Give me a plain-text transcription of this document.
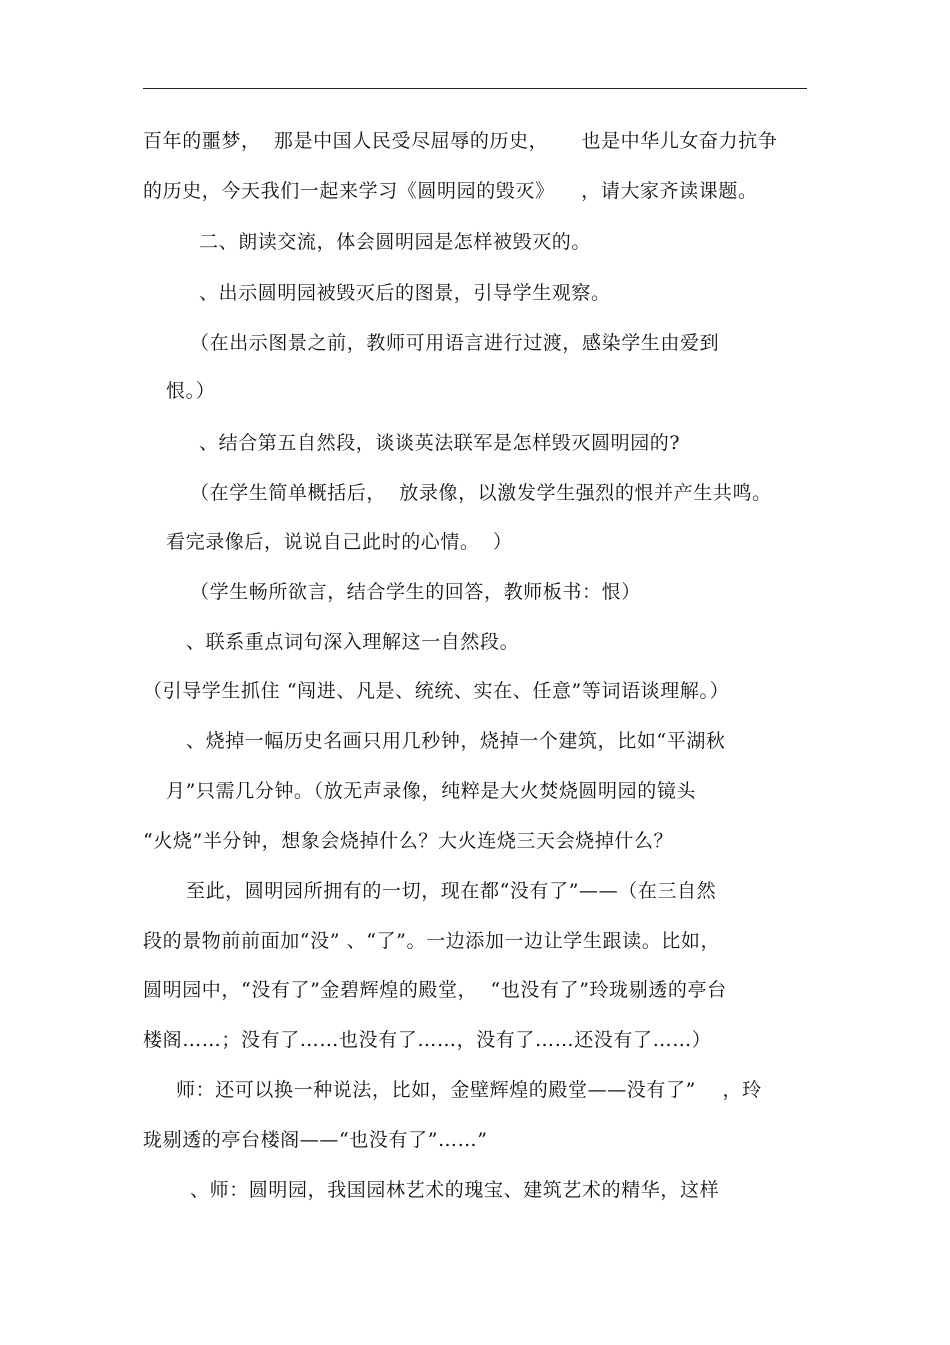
百年的噩梦，  那是中国人民受尽屈辱的历史，     也是中华儿女奋力抗争
的历史，今天我们一起来学习《圆明园的毁灭》    ，请大家齐读课题。
二、朗读交流，体会圆明园是怎样被毁灭的。
、出示圆明园被毁灭后的图景，引导学生观察。
（在出示图景之前，教师可用语言进行过渡，感染学生由爱到
恨。）
、结合第五自然段，谈谈英法联军是怎样毁灭圆明园的?
（在学生简单概括后，  放录像，以激发学生强烈的恨并产生共鸣。
看完录像后，说说自己此时的心情。  ）
（学生畅所欲言，结合学生的回答，教师板书：恨）
、联系重点词句深入理解这一自然段。
（引导学生抓住 “闯进、凡是、统统、实在、任意”等词语谈理解。）
、烧掉一幅历史名画只用几秒钟，烧掉一个建筑，比如“平湖秋
月”只需几分钟。（放无声录像，纯粹是大火焚烧圆明园的镜头
“火烧”半分钟，想象会烧掉什么？大火连烧三天会烧掉什么？
至此，圆明园所拥有的一切，现在都“没有了”——（在三自然
段的景物前前面加“没” 、“了”。一边添加一边让学生跟读。比如，
圆明园中，“没有了”金碧辉煌的殿堂，  “也没有了”玲珑剔透的亭台
楼阁……；没有了……也没有了……，没有了……还没有了……）
师：还可以换一种说法，比如，金壁辉煌的殿堂——没有了”    ，玲
珑剔透的亭台楼阁——“也没有了”……”
、师：圆明园，我国园林艺术的瑰宝、建筑艺术的精华，这样
